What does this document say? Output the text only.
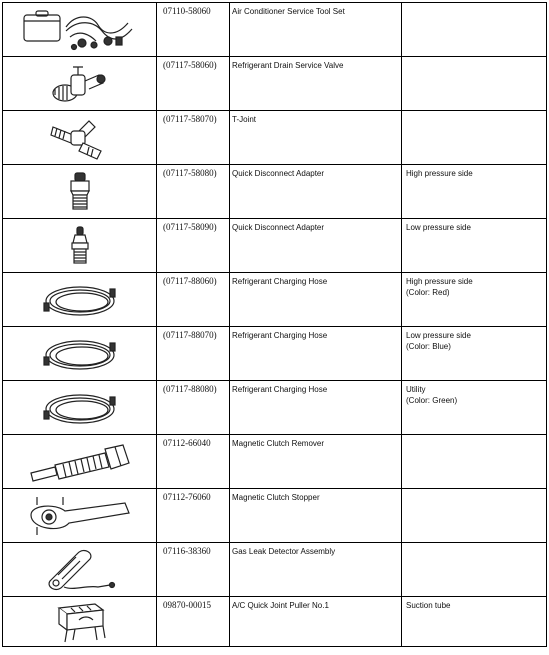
	07110-58060	Air Conditioner Service Tool Set	

	(07117-58060)	Refrigerant Drain Service Valve	

	(07117-58070)	T-Joint	

	(07117-58080)	Quick Disconnect Adapter	High pressure side

	(07117-58090)	Quick Disconnect Adapter	Low pressure side

	(07117-88060)	Refrigerant Charging Hose	High pressure side
(Color: Red)

	(07117-88070)	Refrigerant Charging Hose	Low pressure side
(Color: Blue)

	(07117-88080)	Refrigerant Charging Hose	Utility
(Color: Green)

	07112-66040	Magnetic Clutch Remover	

	07112-76060	Magnetic Clutch Stopper	

	07116-38360	Gas Leak Detector Assembly	

	09870-00015	A/C Quick Joint Puller No.1	Suction tube
